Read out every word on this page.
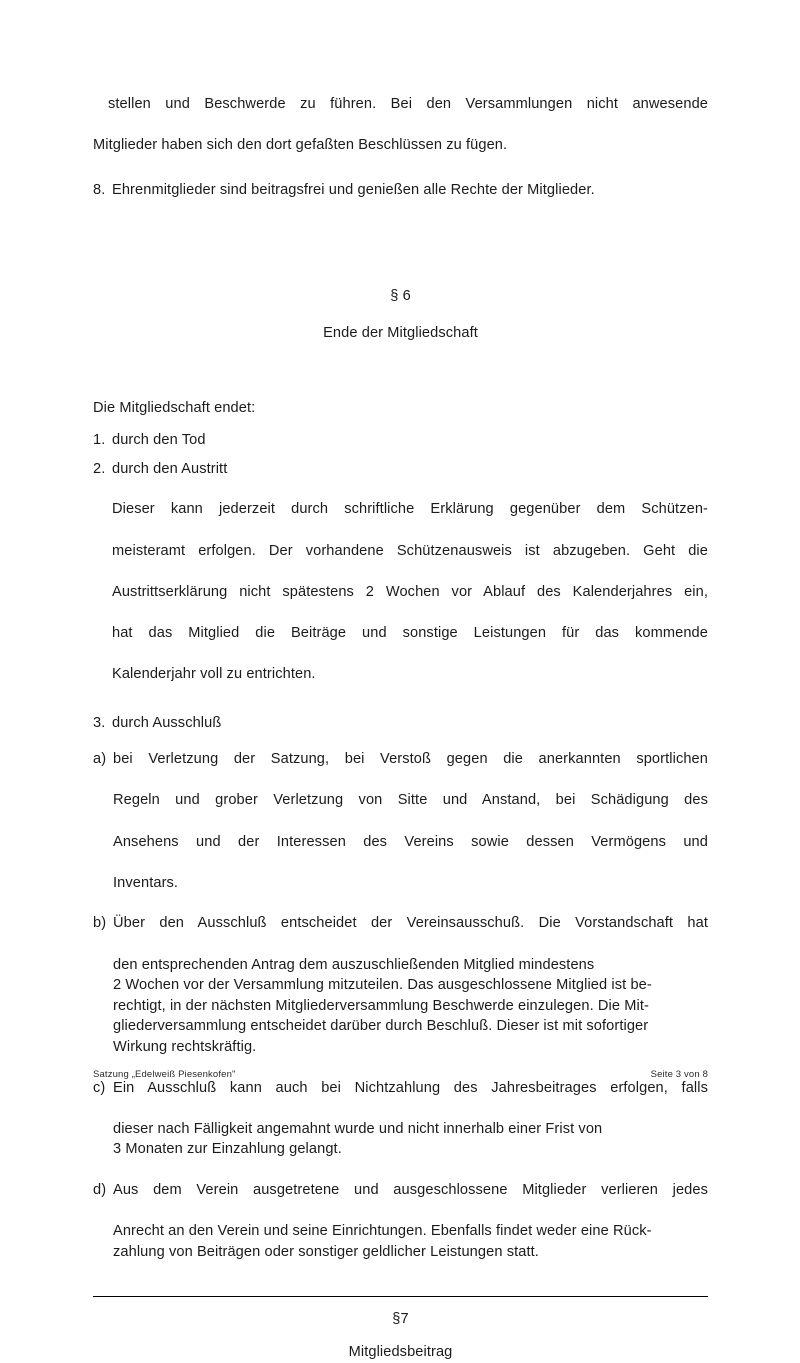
stellen und Beschwerde zu führen. Bei den Versammlungen nicht anwesende
Mitglieder haben sich den dort gefaßten Beschlüssen zu fügen.

8. Ehrenmitglieder sind beitragsfrei und genießen alle Rechte der Mitglieder.
§ 6
Ende der Mitgliedschaft

Die Mitgliedschaft endet:

1. durch den Tod
2. durch den Austritt

Dieser kann jederzeit durch schriftliche Erklärung gegenüber dem Schützen- meisteramt erfolgen. Der vorhandene Schützenausweis ist abzugeben. Geht die Austrittserklärung nicht spätestens 2 Wochen vor Ablauf des Kalenderjahres ein, hat das Mitglied die Beiträge und sonstige Leistungen für das kommende Kalenderjahr voll zu entrichten.

3. durch Ausschluß
a) bei Verletzung der Satzung, bei Verstoß gegen die anerkannten sportlichen
Regeln und grober Verletzung von Sitte und Anstand, bei Schädigung des
Ansehens und der Interessen des Vereins sowie dessen Vermögens und
Inventars.
b) Über den Ausschluß entscheidet der Vereinsausschuß. Die Vorstandschaft hat
den entsprechenden Antrag dem auszuschließenden Mitglied mindestens
2 Wochen vor der Versammlung mitzuteilen. Das ausgeschlossene Mitglied ist be-
rechtigt, in der nächsten Mitgliederversammlung Beschwerde einzulegen. Die Mit-
gliederversammlung entscheidet darüber durch Beschluß. Dieser ist mit sofortiger
Wirkung rechtskräftig.
c) Ein Ausschluß kann auch bei Nichtzahlung des Jahresbeitrages erfolgen, falls
dieser nach Fälligkeit angemahnt wurde und nicht innerhalb einer Frist von
3 Monaten zur Einzahlung gelangt.
d) Aus dem Verein ausgetretene und ausgeschlossene Mitglieder verlieren jedes
Anrecht an den Verein und seine Einrichtungen. Ebenfalls findet weder eine Rück-
zahlung von Beiträgen oder sonstiger geldlicher Leistungen statt.
§7
Mitgliedsbeitrag
Satzung „Edelweiß Piesenkofen"	Seite 3 von 8
